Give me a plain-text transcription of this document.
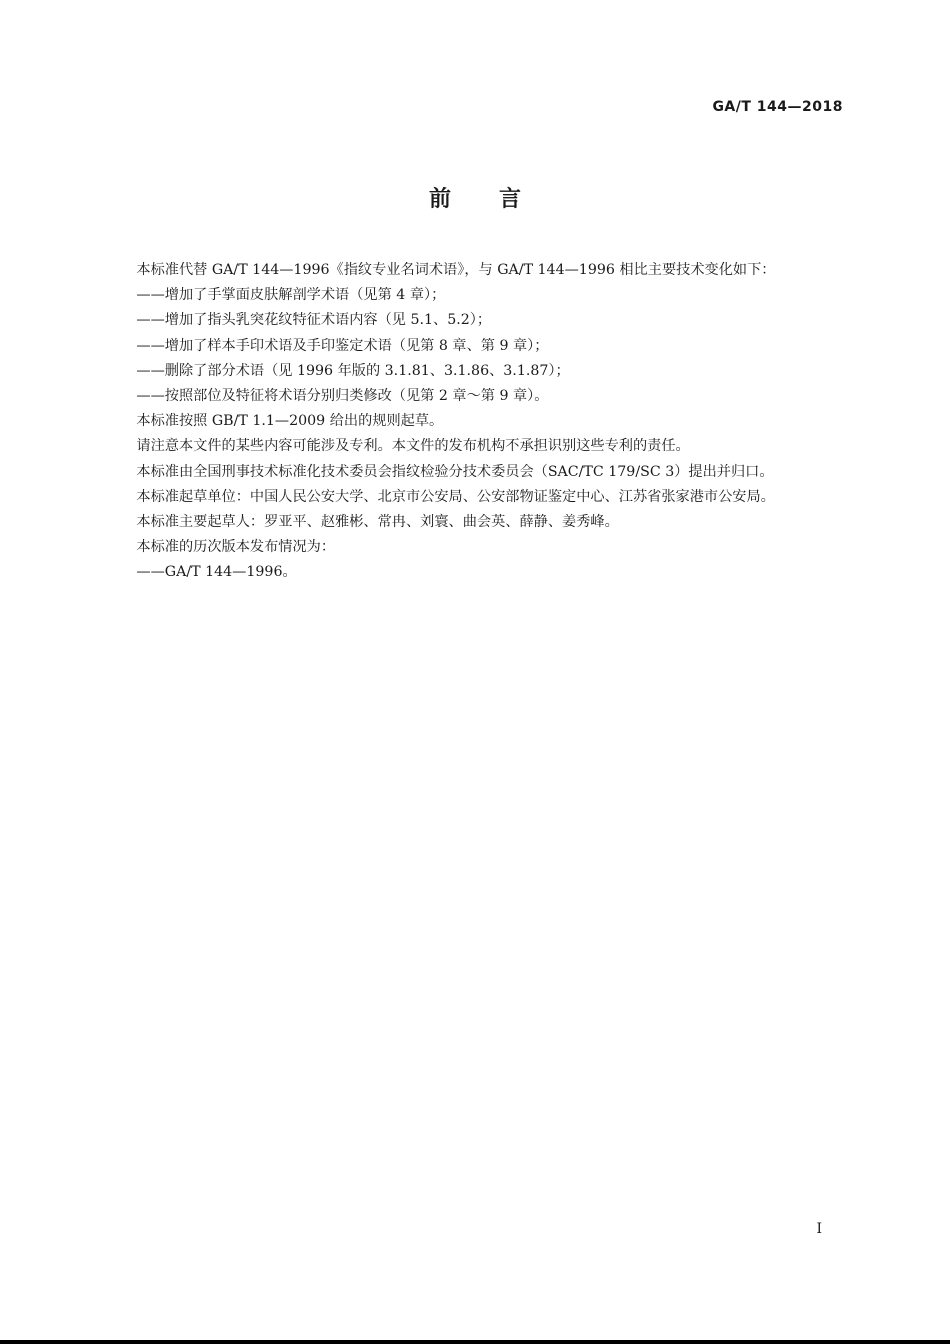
GA/T 144—2018
前言

本标准代替 GA/T 144—1996《指纹专业名词术语》，与 GA/T 144—1996 相比主要技术变化如下：

——增加了手掌面皮肤解剖学术语（见第 4 章）；

——增加了指头乳突花纹特征术语内容（见 5.1、5.2）；

——增加了样本手印术语及手印鉴定术语（见第 8 章、第 9 章）；

——删除了部分术语（见 1996 年版的 3.1.81、3.1.86、3.1.87）；

——按照部位及特征将术语分别归类修改（见第 2 章～第 9 章）。

本标准按照 GB/T 1.1—2009 给出的规则起草。

请注意本文件的某些内容可能涉及专利。本文件的发布机构不承担识别这些专利的责任。

本标准由全国刑事技术标准化技术委员会指纹检验分技术委员会（SAC/TC 179/SC 3）提出并归口。

本标准起草单位：中国人民公安大学、北京市公安局、公安部物证鉴定中心、江苏省张家港市公安局。

本标准主要起草人：罗亚平、赵雅彬、常冉、刘寰、曲会英、薛静、姜秀峰。

本标准的历次版本发布情况为：

——GA/T 144—1996。

I
